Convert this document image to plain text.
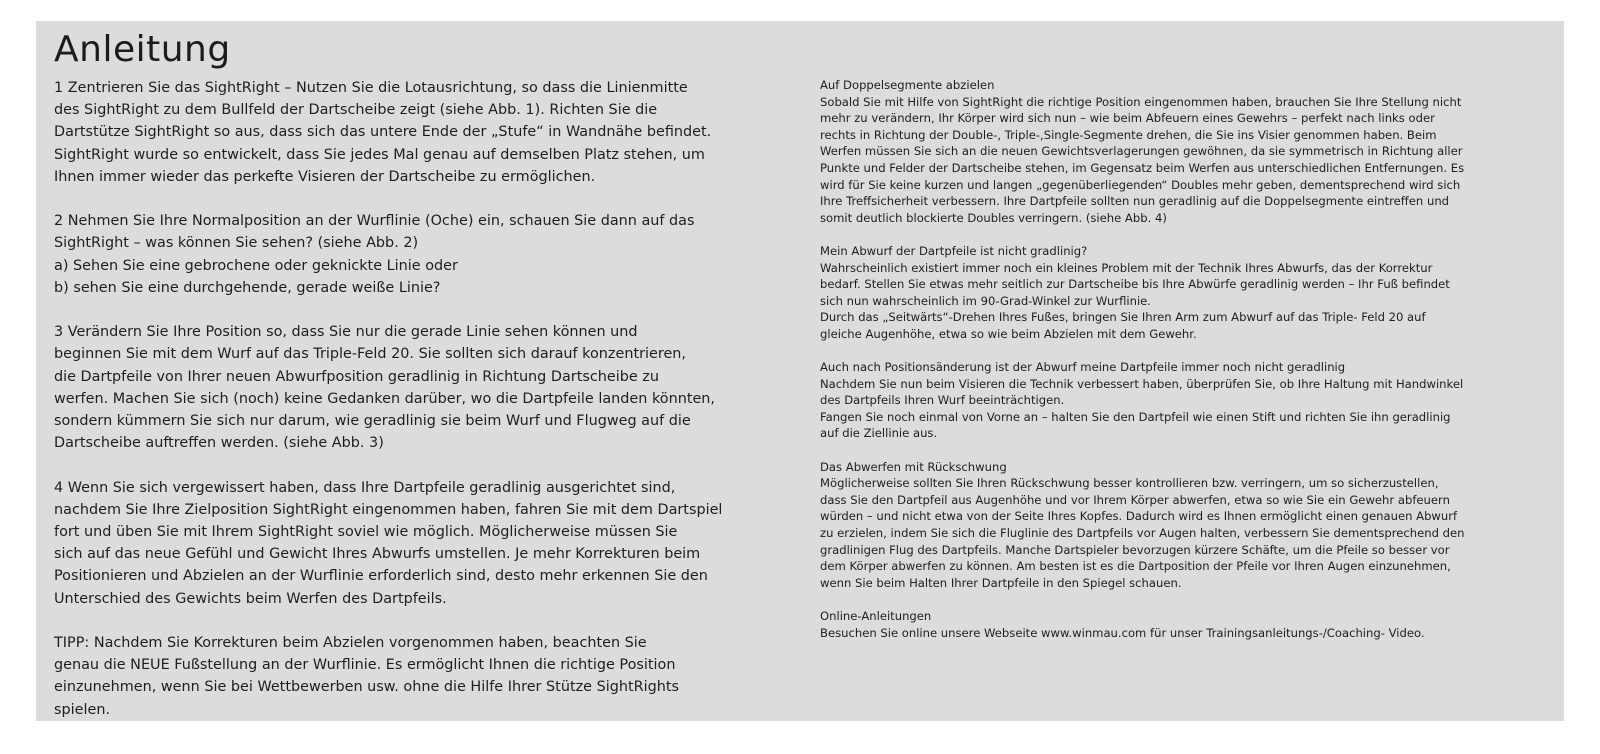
Anleitung

1 Zentrieren Sie das SightRight – Nutzen Sie die Lotausrichtung, so dass die Linienmitte
des SightRight zu dem Bullfeld der Dartscheibe zeigt (siehe Abb. 1). Richten Sie die
Dartstütze SightRight so aus, dass sich das untere Ende der „Stufe“ in Wandnähe befindet.
SightRight wurde so entwickelt, dass Sie jedes Mal genau auf demselben Platz stehen, um
Ihnen immer wieder das perkefte Visieren der Dartscheibe zu ermöglichen.

2 Nehmen Sie Ihre Normalposition an der Wurflinie (Oche) ein, schauen Sie dann auf das
SightRight – was können Sie sehen? (siehe Abb. 2)
a) Sehen Sie eine gebrochene oder geknickte Linie oder
b) sehen Sie eine durchgehende, gerade weiße Linie?

3 Verändern Sie Ihre Position so, dass Sie nur die gerade Linie sehen können und
beginnen Sie mit dem Wurf auf das Triple-Feld 20. Sie sollten sich darauf konzentrieren,
die Dartpfeile von Ihrer neuen Abwurfposition geradlinig in Richtung Dartscheibe zu
werfen. Machen Sie sich (noch) keine Gedanken darüber, wo die Dartpfeile landen könnten,
sondern kümmern Sie sich nur darum, wie geradlinig sie beim Wurf und Flugweg auf die
Dartscheibe auftreffen werden. (siehe Abb. 3)

4 Wenn Sie sich vergewissert haben, dass Ihre Dartpfeile geradlinig ausgerichtet sind,
nachdem Sie Ihre Zielposition SightRight eingenommen haben, fahren Sie mit dem Dartspiel
fort und üben Sie mit Ihrem SightRight soviel wie möglich. Möglicherweise müssen Sie
sich auf das neue Gefühl und Gewicht Ihres Abwurfs umstellen. Je mehr Korrekturen beim
Positionieren und Abzielen an der Wurflinie erforderlich sind, desto mehr erkennen Sie den
Unterschied des Gewichts beim Werfen des Dartpfeils.

TIPP: Nachdem Sie Korrekturen beim Abzielen vorgenommen haben, beachten Sie
genau die NEUE Fußstellung an der Wurflinie. Es ermöglicht Ihnen die richtige Position
einzunehmen, wenn Sie bei Wettbewerben usw. ohne die Hilfe Ihrer Stütze SightRights
spielen.

Auf Doppelsegmente abzielen
Sobald Sie mit Hilfe von SightRight die richtige Position eingenommen haben, brauchen Sie Ihre Stellung nicht
mehr zu verändern, Ihr Körper wird sich nun – wie beim Abfeuern eines Gewehrs – perfekt nach links oder
rechts in Richtung der Double-, Triple-,Single-Segmente drehen, die Sie ins Visier genommen haben. Beim
Werfen müssen Sie sich an die neuen Gewichtsverlagerungen gewöhnen, da sie symmetrisch in Richtung aller
Punkte und Felder der Dartscheibe stehen, im Gegensatz beim Werfen aus unterschiedlichen Entfernungen. Es
wird für Sie keine kurzen und langen „gegenüberliegenden“ Doubles mehr geben, dementsprechend wird sich
Ihre Treffsicherheit verbessern. Ihre Dartpfeile sollten nun geradlinig auf die Doppelsegmente eintreffen und
somit deutlich blockierte Doubles verringern. (siehe Abb. 4)
Mein Abwurf der Dartpfeile ist nicht gradlinig?
Wahrscheinlich existiert immer noch ein kleines Problem mit der Technik Ihres Abwurfs, das der Korrektur
bedarf. Stellen Sie etwas mehr seitlich zur Dartscheibe bis Ihre Abwürfe geradlinig werden – Ihr Fuß befindet
sich nun wahrscheinlich im 90-Grad-Winkel zur Wurflinie.
Durch das „Seitwärts“-Drehen Ihres Fußes, bringen Sie Ihren Arm zum Abwurf auf das Triple- Feld 20 auf
gleiche Augenhöhe, etwa so wie beim Abzielen mit dem Gewehr.
Auch nach Positionsänderung ist der Abwurf meine Dartpfeile immer noch nicht geradlinig
Nachdem Sie nun beim Visieren die Technik verbessert haben, überprüfen Sie, ob Ihre Haltung mit Handwinkel
des Dartpfeils Ihren Wurf beeinträchtigen.
Fangen Sie noch einmal von Vorne an – halten Sie den Dartpfeil wie einen Stift und richten Sie ihn geradlinig
auf die Ziellinie aus.
Das Abwerfen mit Rückschwung
Möglicherweise sollten Sie Ihren Rückschwung besser kontrollieren bzw. verringern, um so sicherzustellen,
dass Sie den Dartpfeil aus Augenhöhe und vor Ihrem Körper abwerfen, etwa so wie Sie ein Gewehr abfeuern
würden – und nicht etwa von der Seite Ihres Kopfes. Dadurch wird es Ihnen ermöglicht einen genauen Abwurf
zu erzielen, indem Sie sich die Fluglinie des Dartpfeils vor Augen halten, verbessern Sie dementsprechend den
gradlinigen Flug des Dartpfeils. Manche Dartspieler bevorzugen kürzere Schäfte, um die Pfeile so besser vor
dem Körper abwerfen zu können. Am besten ist es die Dartposition der Pfeile vor Ihren Augen einzunehmen,
wenn Sie beim Halten Ihrer Dartpfeile in den Spiegel schauen.
Online-Anleitungen
Besuchen Sie online unsere Webseite www.winmau.com für unser Trainingsanleitungs-/Coaching- Video.
